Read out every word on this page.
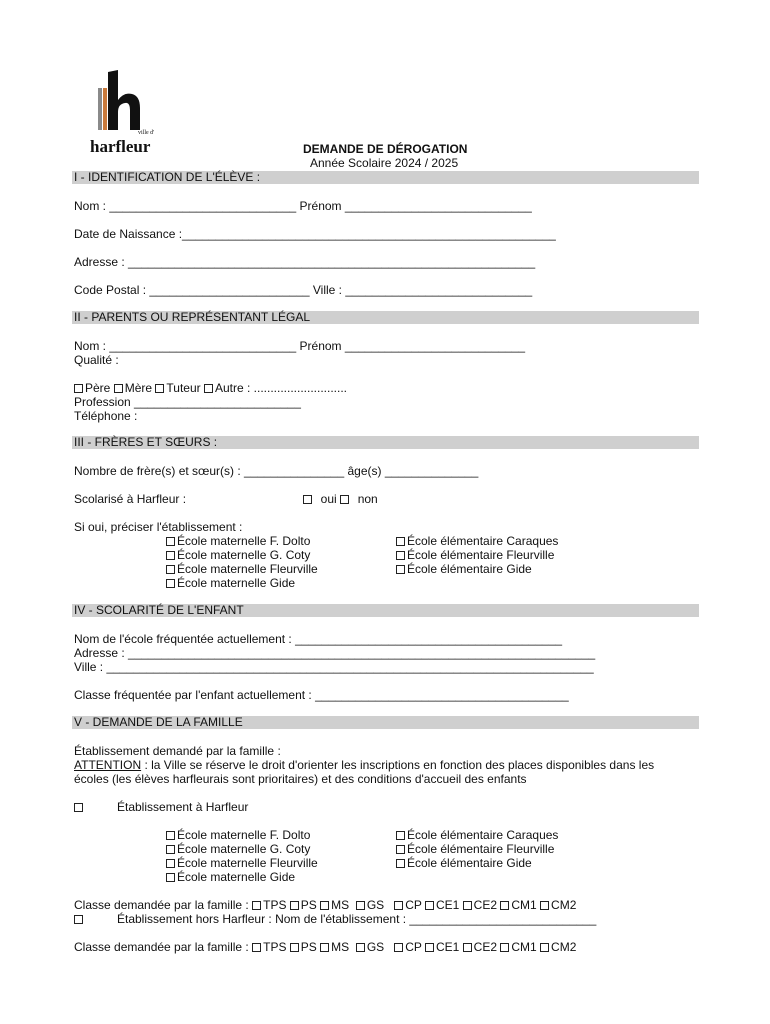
ville d'
harfleur	DEMANDE DE DÉROGATION
Année Scolaire 2024 / 2025
I - IDENTIFICATION DE L'ÉLÈVE :
Nom : ____________________________ Prénom ____________________________
Date de Naissance :________________________________________________________
Adresse : _____________________________________________________________
Code Postal : ________________________ Ville : ____________________________
II - PARENTS OU REPRÉSENTANT LÉGAL
Nom : ____________________________ Prénom ___________________________
Qualité :
Père Mère Tuteur Autre : ............................
Profession _________________________
Téléphone :
III - FRÈRES ET SŒURS :
Nombre de frère(s) et sœur(s) : _______________ âge(s) ______________
Scolarisé à Harfleur :	oui non
Si oui, préciser l'établissement :
École maternelle F. Dolto
École maternelle G. Coty
École maternelle Fleurville
École maternelle Gide
École élémentaire Caraques
École élémentaire Fleurville
École élémentaire Gide
IV - SCOLARITÉ DE L'ENFANT
Nom de l'école fréquentée actuellement : ________________________________________
Adresse : ______________________________________________________________________
Ville : _________________________________________________________________________
Classe fréquentée par l'enfant actuellement : ______________________________________
V - DEMANDE DE LA FAMILLE
Établissement demandé par la famille :
ATTENTION : la Ville se réserve le droit d'orienter les inscriptions en fonction des places disponibles dans les
écoles (les élèves harfleurais sont prioritaires) et des conditions d'accueil des enfants
Établissement à Harfleur
École maternelle F. Dolto
École maternelle G. Coty
École maternelle Fleurville
École maternelle Gide
École élémentaire Caraques
École élémentaire Fleurville
École élémentaire Gide
Classe demandée par la famille : TPS PS MS GS CP CE1 CE2 CM1 CM2
Établissement hors Harfleur : Nom de l'établissement : ____________________________
Classe demandée par la famille : TPS PS MS GS CP CE1 CE2 CM1 CM2
